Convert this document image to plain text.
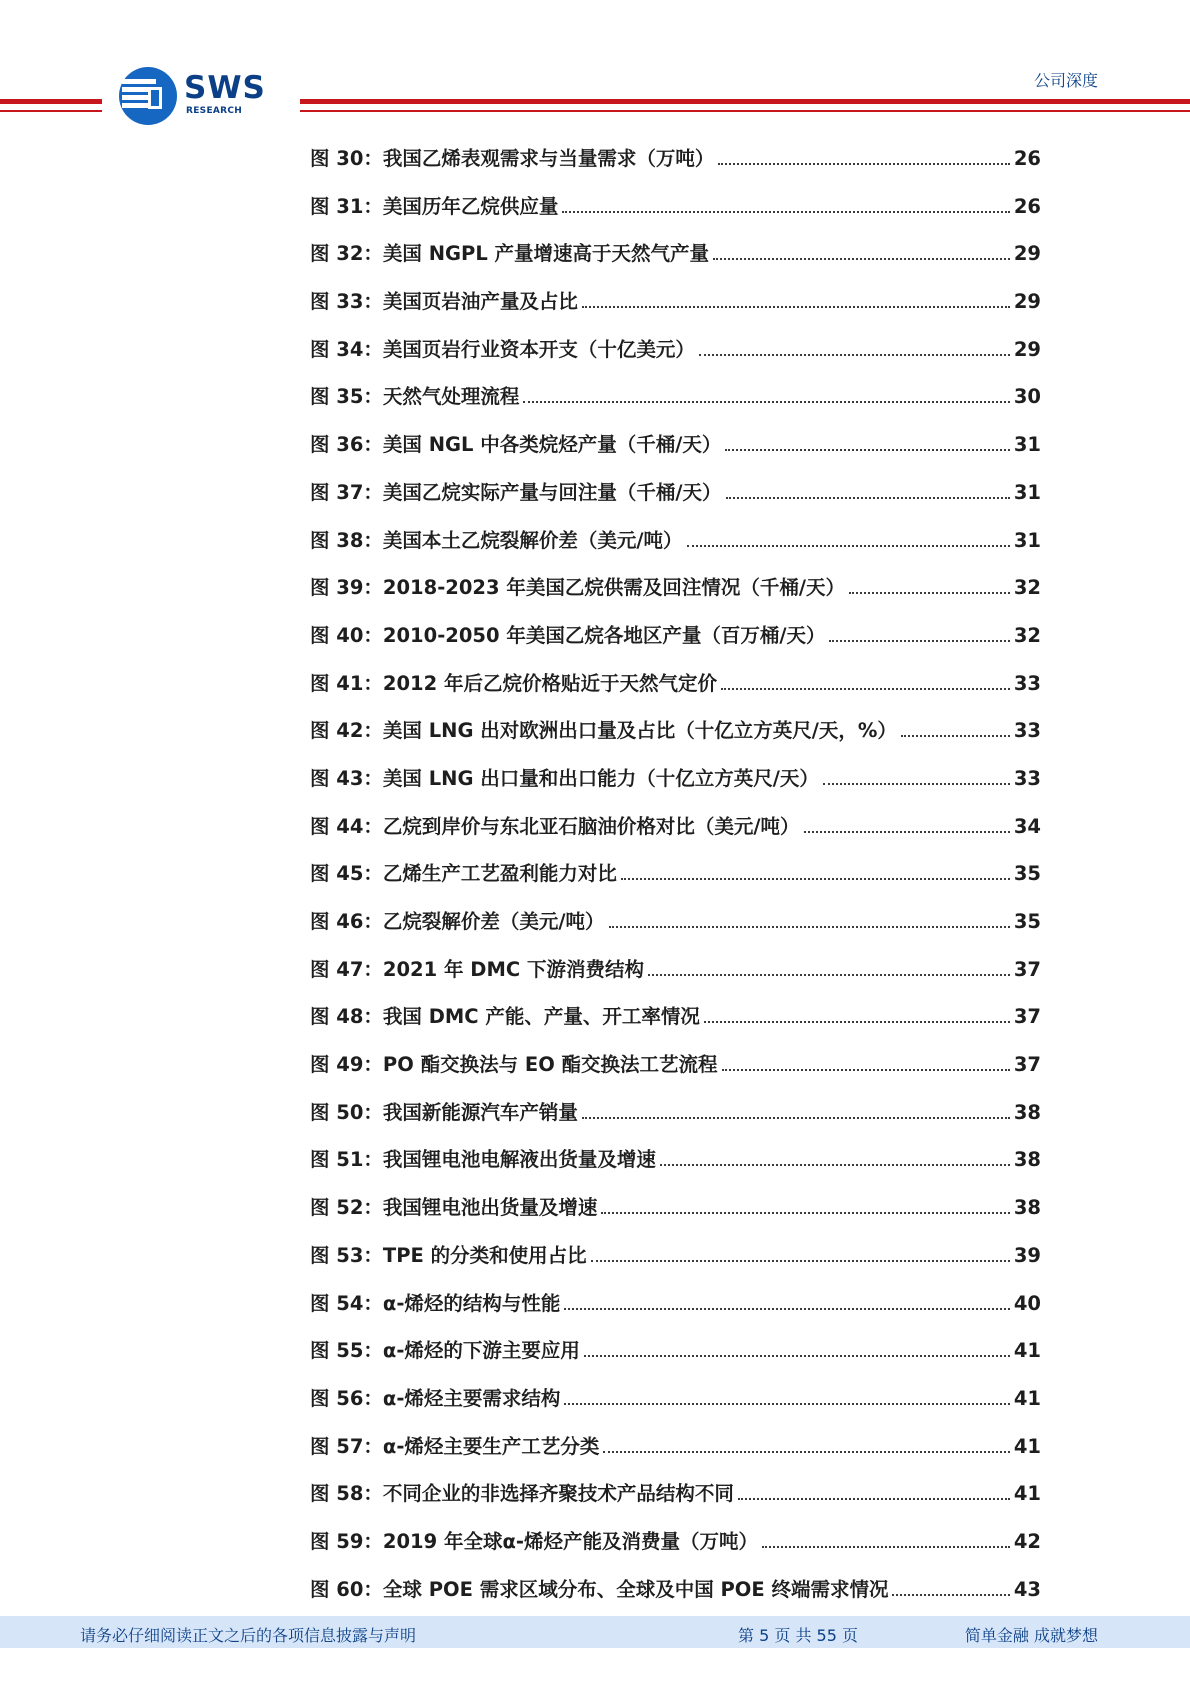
SWS
RESEARCH
公司深度
图 30：我国乙烯表观需求与当量需求（万吨）	26
图 31：美国历年乙烷供应量	26
图 32：美国 NGPL 产量增速高于天然气产量	29
图 33：美国页岩油产量及占比	29
图 34：美国页岩行业资本开支（十亿美元）	29
图 35：天然气处理流程	30
图 36：美国 NGL 中各类烷烃产量（千桶/天）	31
图 37：美国乙烷实际产量与回注量（千桶/天）	31
图 38：美国本土乙烷裂解价差（美元/吨）	31
图 39：2018-2023 年美国乙烷供需及回注情况（千桶/天）	32
图 40：2010-2050 年美国乙烷各地区产量（百万桶/天）	32
图 41：2012 年后乙烷价格贴近于天然气定价	33
图 42：美国 LNG 出对欧洲出口量及占比（十亿立方英尺/天，%）	33
图 43：美国 LNG 出口量和出口能力（十亿立方英尺/天）	33
图 44：乙烷到岸价与东北亚石脑油价格对比（美元/吨）	34
图 45：乙烯生产工艺盈利能力对比	35
图 46：乙烷裂解价差（美元/吨）	35
图 47：2021 年 DMC 下游消费结构	37
图 48：我国 DMC 产能、产量、开工率情况	37
图 49：PO 酯交换法与 EO 酯交换法工艺流程	37
图 50：我国新能源汽车产销量	38
图 51：我国锂电池电解液出货量及增速	38
图 52：我国锂电池出货量及增速	38
图 53：TPE 的分类和使用占比	39
图 54：α-烯烃的结构与性能	40
图 55：α-烯烃的下游主要应用	41
图 56：α-烯烃主要需求结构	41
图 57：α-烯烃主要生产工艺分类	41
图 58：不同企业的非选择齐聚技术产品结构不同	41
图 59：2019 年全球α-烯烃产能及消费量（万吨）	42
图 60：全球 POE 需求区域分布、全球及中国 POE 终端需求情况	43
请务必仔细阅读正文之后的各项信息披露与声明	第 5 页 共 55 页	简单金融 成就梦想
